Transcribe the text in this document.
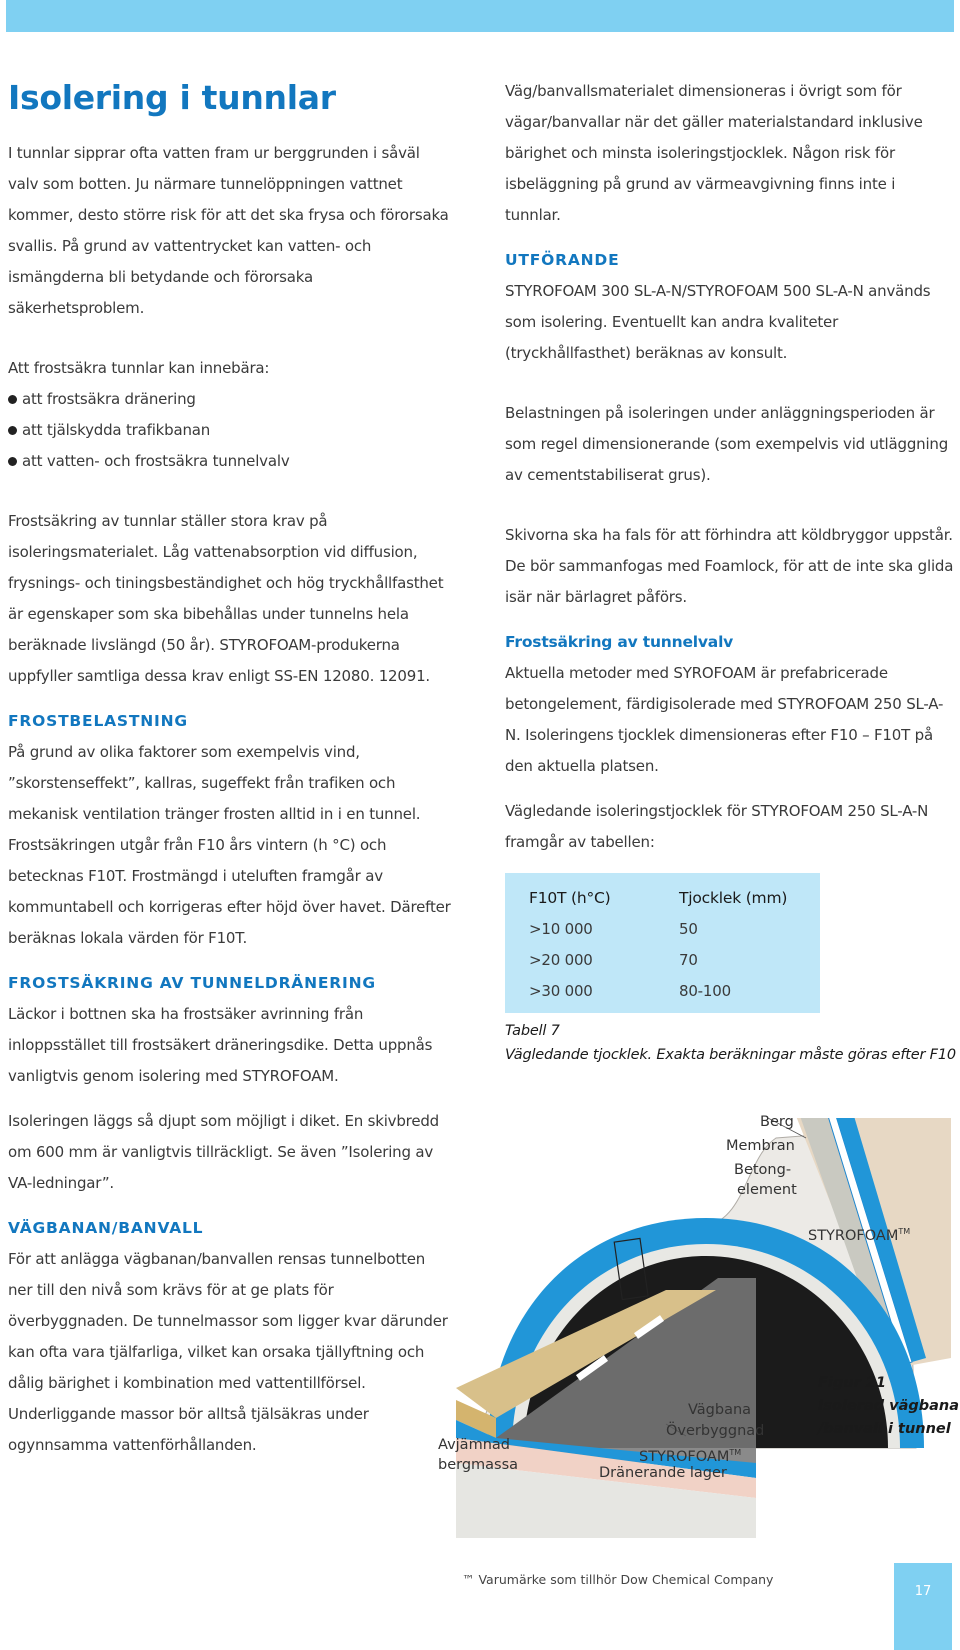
Isolering i tunnlar

I tunnlar sipprar ofta vatten fram ur berggrunden i såväl valv som botten. Ju närmare tunnelöppningen vattnet kommer, desto större risk för att det ska frysa och förorsaka svallis. På grund av vattentrycket kan vatten- och ismängderna bli betydande och förorsaka säkerhetsproblem.

Att frostsäkra tunnlar kan innebära:

att frostsäkra dränering
att tjälskydda trafikbanan
att vatten- och frostsäkra tunnelvalv

Frostsäkring av tunnlar ställer stora krav på isoleringsmaterialet. Låg vattenabsorption vid diffusion, frysnings- och tiningsbeständighet och hög tryckhållfasthet är egenskaper som ska bibehållas under tunnelns hela beräknade livslängd (50 år). STYROFOAM-produkerna uppfyller samtliga dessa krav enligt SS-EN 12080. 12091.

FROSTBELASTNING

På grund av olika faktorer som exempelvis vind, ”skorstenseffekt”, kallras, sugeffekt från trafiken och mekanisk ventilation tränger frosten alltid in i en tunnel. Frostsäkringen utgår från F10 års vintern (h °C) och betecknas F10T. Frostmängd i uteluften framgår av kommuntabell och korrigeras efter höjd över havet. Därefter beräknas lokala värden för F10T.

FROSTSÄKRING AV TUNNELDRÄNERING

Läckor i bottnen ska ha frostsäker avrinning från inloppsstället till frostsäkert dräneringsdike. Detta uppnås vanligtvis genom isolering med STYROFOAM.

Isoleringen läggs så djupt som möjligt i diket. En skivbredd om 600 mm är vanligtvis tillräckligt. Se även ”Isolering av VA-ledningar”.

VÄGBANAN/BANVALL

För att anlägga vägbanan/banvallen rensas tunnelbotten ner till den nivå som krävs för at ge plats för överbyggnaden. De tunnelmassor som ligger kvar därunder kan ofta vara tjälfarliga, vilket kan orsaka tjällyftning och dålig bärighet i kombination med vattentillförsel. Underliggande massor bör alltså tjälsäkras under ogynnsamma vattenförhållanden.

Väg/banvallsmaterialet dimensioneras i övrigt som för vägar/banvallar när det gäller materialstandard inklusive bärighet och minsta isoleringstjocklek. Någon risk för isbeläggning på grund av värmeavgivning finns inte i tunnlar.

UTFÖRANDE

STYROFOAM 300 SL-A-N/STYROFOAM 500 SL-A-N används som isolering. Eventuellt kan andra kvaliteter (tryckhållfasthet) beräknas av konsult.

Belastningen på isoleringen under anläggningsperioden är som regel dimensionerande (som exempelvis vid utläggning av cementstabiliserat grus).

Skivorna ska ha fals för att förhindra att köldbryggor uppstår. De bör sammanfogas med Foamlock, för att de inte ska glida isär när bärlagret påförs.

Frostsäkring av tunnelvalv

Aktuella metoder med SYROFOAM är prefabricerade betongelement, färdigisolerade med STYROFOAM 250 SL-A-N. Isoleringens tjocklek dimensioneras efter F10 – F10T på den aktuella platsen.

Vägledande isoleringstjocklek för STYROFOAM 250 SL-A-N framgår av tabellen:

F10T (h°C)	Tjocklek (mm)
>10 000	50
>20 000	70
>30 000	80-100
Tabell 7
Vägledande tjocklek. Exakta beräkningar måste göras efter F10
Berg
Membran
Betong-
element
STYROFOAM™
Vägbana
Överbyggnad
STYROFOAM™
Dränerande lager
Avjämnad
bergmassa
Figur 21
Isolerad vägbana
/banvall i tunnel
™ Varumärke som tillhör Dow Chemical Company
17
